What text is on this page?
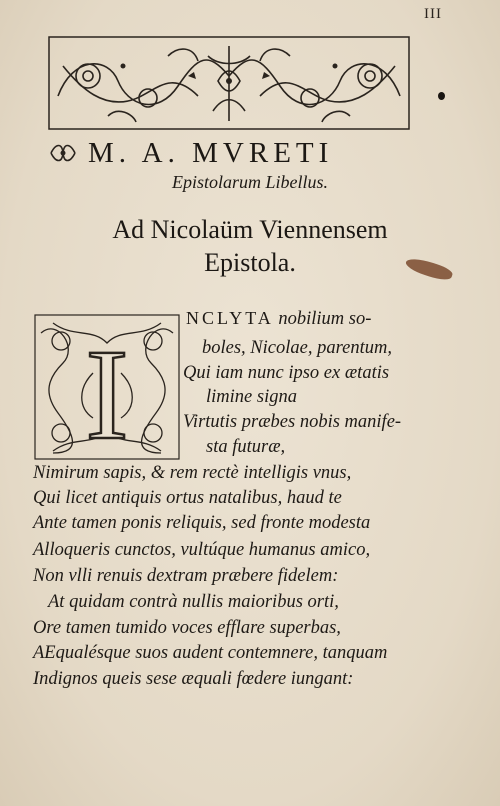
III
M. A. MVRETI
Epistolarum Libellus.
Ad Nicolaüm Viennensem
Epistola.
I
NCLYTA nobilium so-
boles, Nicolae, parentum,
Qui iam nunc ipso ex ætatis
limine signa
Virtutis præbes nobis manife-
sta futuræ,
Nimirum sapis, & rem rectè intelligis vnus,
Qui licet antiquis ortus natalibus, haud te
Ante tamen ponis reliquis, sed fronte modesta
Alloqueris cunctos, vultúque humanus amico,
Non vlli renuis dextram præbere fidelem:
At quidam contrà nullis maioribus orti,
Ore tamen tumido voces efflare superbas,
AEqualésque suos audent contemnere, tanquam
Indignos queis sese æquali fœdere iungant:
